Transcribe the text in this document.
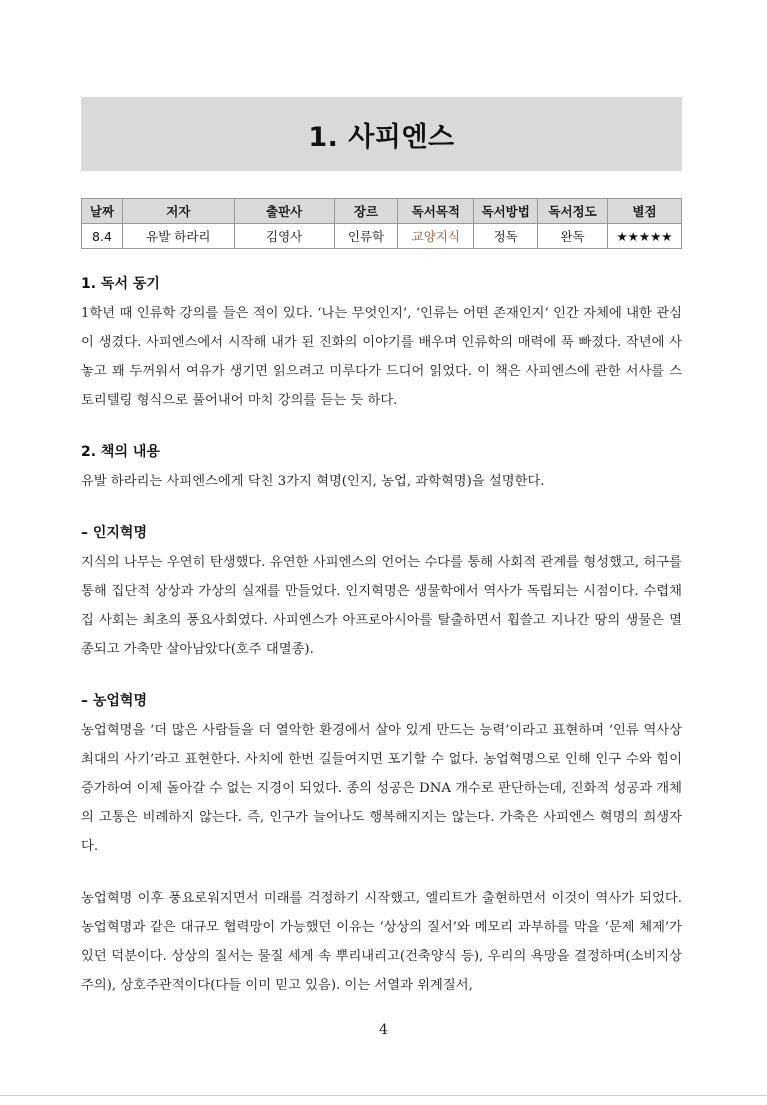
1. 사피엔스
날짜	저자	출판사	장르	독서목적	독서방법	독서정도	별점
8.4	유발 하라리	김영사	인류학	교양지식	정독	완독	★★★★★
1. 독서 동기

1학년 때 인류학 강의를 들은 적이 있다. ‘나는 무엇인지’, ‘인류는 어떤 존재인지’ 인간 자체에 내한 관심이 생겼다. 사피엔스에서 시작해 내가 된 진화의 이야기를 배우며 인류학의 매력에 푹 빠졌다. 작년에 사 놓고 꽤 두꺼워서 여유가 생기면 읽으려고 미루다가 드디어 읽었다. 이 책은 사피엔스에 관한 서사를 스토리텔링 형식으로 풀어내어 마치 강의를 듣는 듯 하다.

2. 책의 내용

유발 하라리는 사피엔스에게 닥친 3가지 혁명(인지, 농업, 과학혁명)을 설명한다.

– 인지혁명

지식의 나무는 우연히 탄생했다. 유연한 사피엔스의 언어는 수다를 통해 사회적 관계를 형성했고, 허구를 통해 집단적 상상과 가상의 실재를 만들었다. 인지혁명은 생물학에서 역사가 독립되는 시점이다. 수렵채집 사회는 최초의 풍요사회였다. 사피엔스가 아프로아시아를 탈출하면서 휩쓸고 지나간 땅의 생물은 멸종되고 가축만 살아남았다(호주 대멸종).

– 농업혁명

농업혁명을 ‘더 많은 사람들을 더 열악한 환경에서 살아 있게 만드는 능력’이라고 표현하며 ‘인류 역사상 최대의 사기’라고 표현한다. 사치에 한번 길들여지면 포기할 수 없다. 농업혁명으로 인해 인구 수와 힘이 증가하여 이제 돌아갈 수 없는 지경이 되었다. 종의 성공은 DNA 개수로 판단하는데, 진화적 성공과 개체의 고통은 비례하지 않는다. 즉, 인구가 늘어나도 행복해지지는 않는다. 가축은 사피엔스 혁명의 희생자다.

농업혁명 이후 풍요로워지면서 미래를 걱정하기 시작했고, 엘리트가 출현하면서 이것이 역사가 되었다. 농업혁명과 같은 대규모 협력망이 가능했던 이유는 ‘상상의 질서’와 메모리 과부하를 막을 ‘문제 체제’가 있던 덕분이다. 상상의 질서는 물질 세계 속 뿌리내리고(건축양식 등), 우리의 욕망을 결정하며(소비지상주의), 상호주관적이다(다들 이미 믿고 있음). 이는 서열과 위계질서,

4
